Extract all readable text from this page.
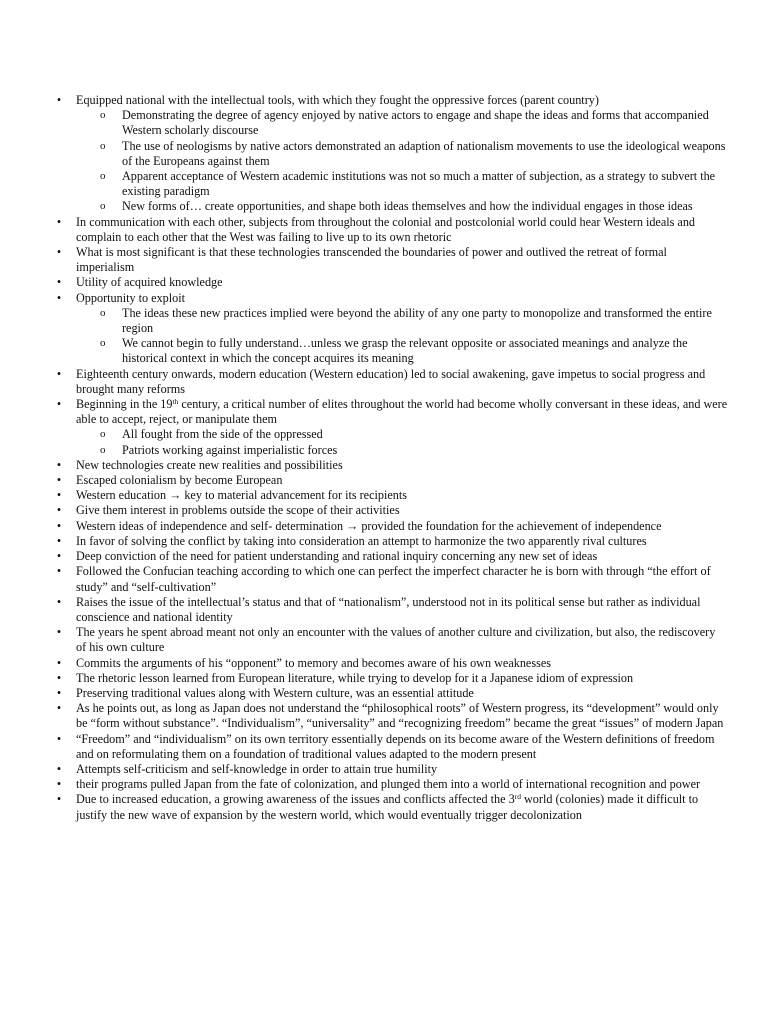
• Equipped national with the intellectual tools, with which they fought the oppressive forces (parent country)
o Demonstrating the degree of agency enjoyed by native actors to engage and shape the ideas and forms that accompanied Western scholarly discourse
o The use of neologisms by native actors demonstrated an adaption of nationalism movements to use the ideological weapons of the Europeans against them
o Apparent acceptance of Western academic institutions was not so much a matter of subjection, as a strategy to subvert the existing paradigm
o New forms of… create opportunities, and shape both ideas themselves and how the individual engages in those ideas
• In communication with each other, subjects from throughout the colonial and postcolonial world could hear Western ideals and complain to each other that the West was failing to live up to its own rhetoric
• What is most significant is that these technologies transcended the boundaries of power and outlived the retreat of formal imperialism
• Utility of acquired knowledge
• Opportunity to exploit
o The ideas these new practices implied were beyond the ability of any one party to monopolize and transformed the entire region
o We cannot begin to fully understand…unless we grasp the relevant opposite or associated meanings and analyze the historical context in which the concept acquires its meaning
• Eighteenth century onwards, modern education (Western education) led to social awakening, gave impetus to social progress and brought many reforms
• Beginning in the 19th century, a critical number of elites throughout the world had become wholly conversant in these ideas, and were able to accept, reject, or manipulate them
o All fought from the side of the oppressed
o Patriots working against imperialistic forces
• New technologies create new realities and possibilities
• Escaped colonialism by become European
• Western education → key to material advancement for its recipients
• Give them interest in problems outside the scope of their activities
• Western ideas of independence and self- determination → provided the foundation for the achievement of independence
• In favor of solving the conflict by taking into consideration an attempt to harmonize the two apparently rival cultures
• Deep conviction of the need for patient understanding and rational inquiry concerning any new set of ideas
• Followed the Confucian teaching according to which one can perfect the imperfect character he is born with through “the effort of study” and “self-cultivation”
• Raises the issue of the intellectual’s status and that of “nationalism”, understood not in its political sense but rather as individual conscience and national identity
• The years he spent abroad meant not only an encounter with the values of another culture and civilization, but also, the rediscovery of his own culture
• Commits the arguments of his “opponent” to memory and becomes aware of his own weaknesses
• The rhetoric lesson learned from European literature, while trying to develop for it a Japanese idiom of expression
• Preserving traditional values along with Western culture, was an essential attitude
• As he points out, as long as Japan does not understand the “philosophical roots” of Western progress, its “development” would only be “form without substance”. “Individualism”, “universality” and “recognizing freedom” became the great “issues” of modern Japan
• “Freedom” and “individualism” on its own territory essentially depends on its become aware of the Western definitions of freedom and on reformulating them on a foundation of traditional values adapted to the modern present
• Attempts self-criticism and self-knowledge in order to attain true humility
• their programs pulled Japan from the fate of colonization, and plunged them into a world of international recognition and power
• Due to increased education, a growing awareness of the issues and conflicts affected the 3rd world (colonies) made it difficult to justify the new wave of expansion by the western world, which would eventually trigger decolonization
